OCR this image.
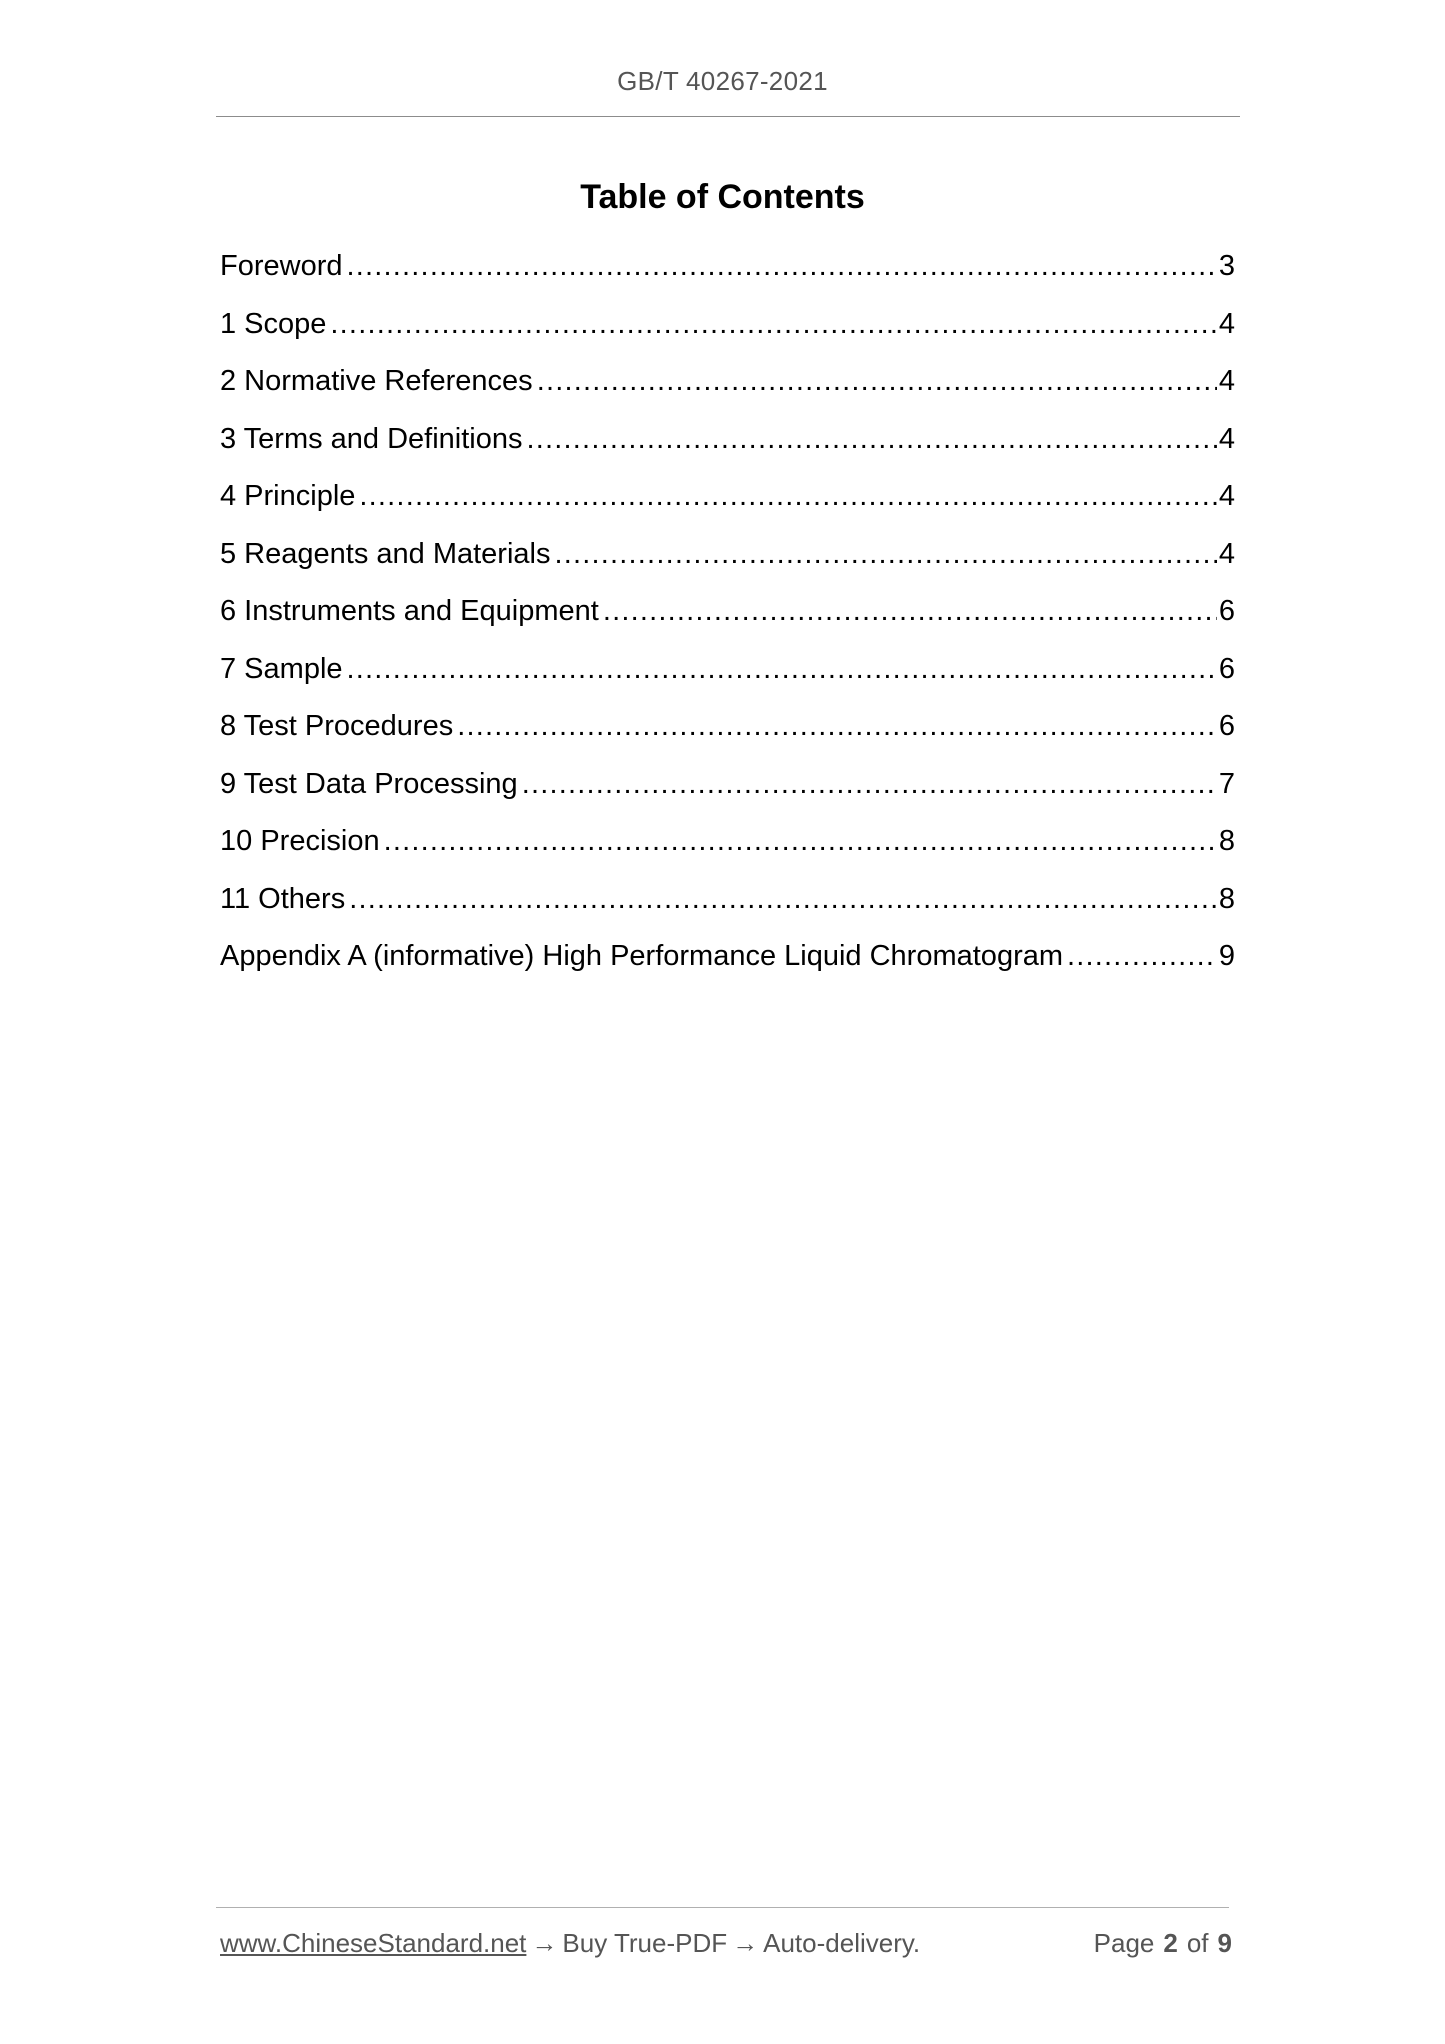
GB/T 40267-2021
Table of Contents
Foreword .....	3
1 Scope .....	4
2 Normative References .....	4
3 Terms and Definitions .....	4
4 Principle .....	4
5 Reagents and Materials .....	4
6 Instruments and Equipment .....	6
7 Sample .....	6
8 Test Procedures .....	6
9 Test Data Processing .....	7
10 Precision .....	8
11 Others .....	8
Appendix A (informative) High Performance Liquid Chromatogram .....	9
www.ChineseStandard.net → Buy True-PDF → Auto-delivery.	Page 2 of 9
